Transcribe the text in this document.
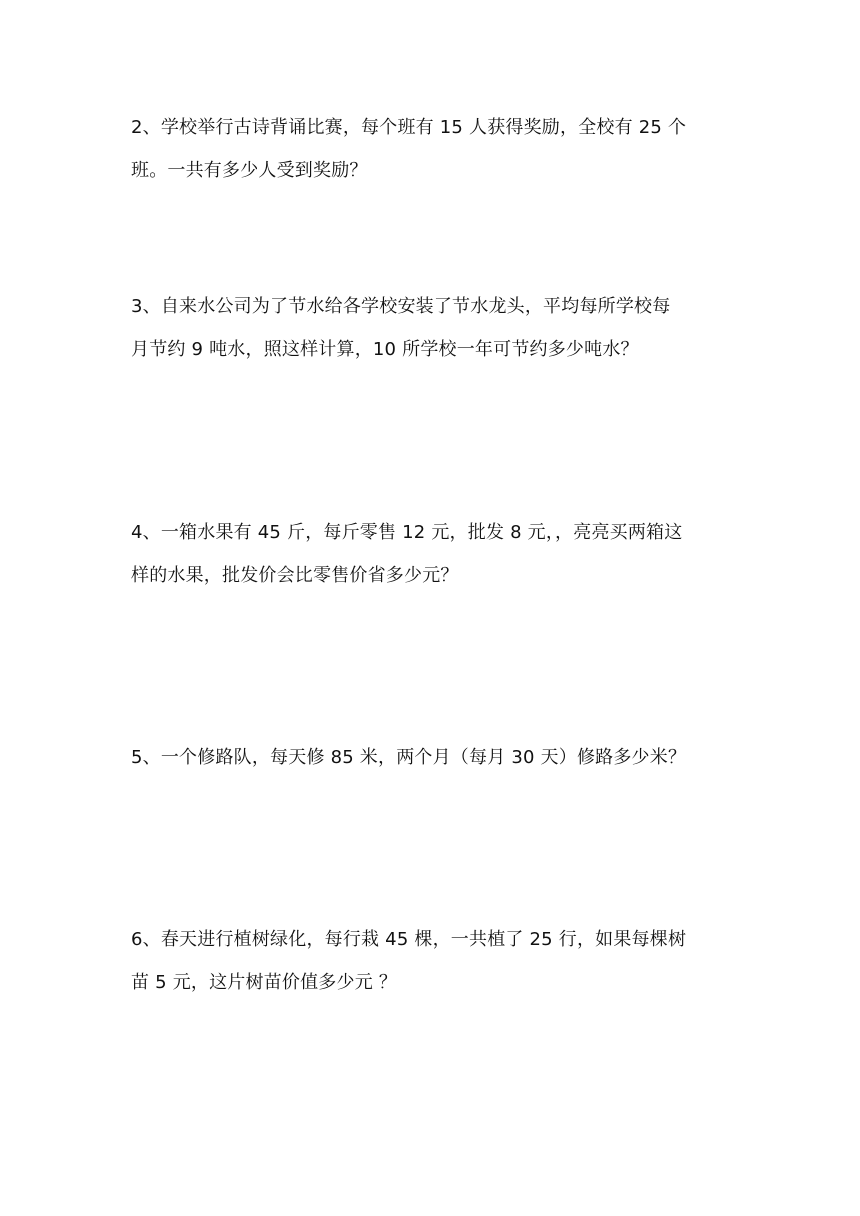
2、学校举行古诗背诵比赛，每个班有 15 人获得奖励，全校有 25 个
班。一共有多少人受到奖励？
3、自来水公司为了节水给各学校安装了节水龙头，平均每所学校每
月节约 9 吨水，照这样计算，10 所学校一年可节约多少吨水？
4、一箱水果有 45 斤，每斤零售 12 元，批发 8 元，，亮亮买两箱这
样的水果，批发价会比零售价省多少元？
5、一个修路队，每天修 85 米，两个月（每月 30 天）修路多少米？
6、春天进行植树绿化，每行栽 45 棵，一共植了 25 行，如果每棵树
苗 5 元，这片树苗价值多少元 ？
